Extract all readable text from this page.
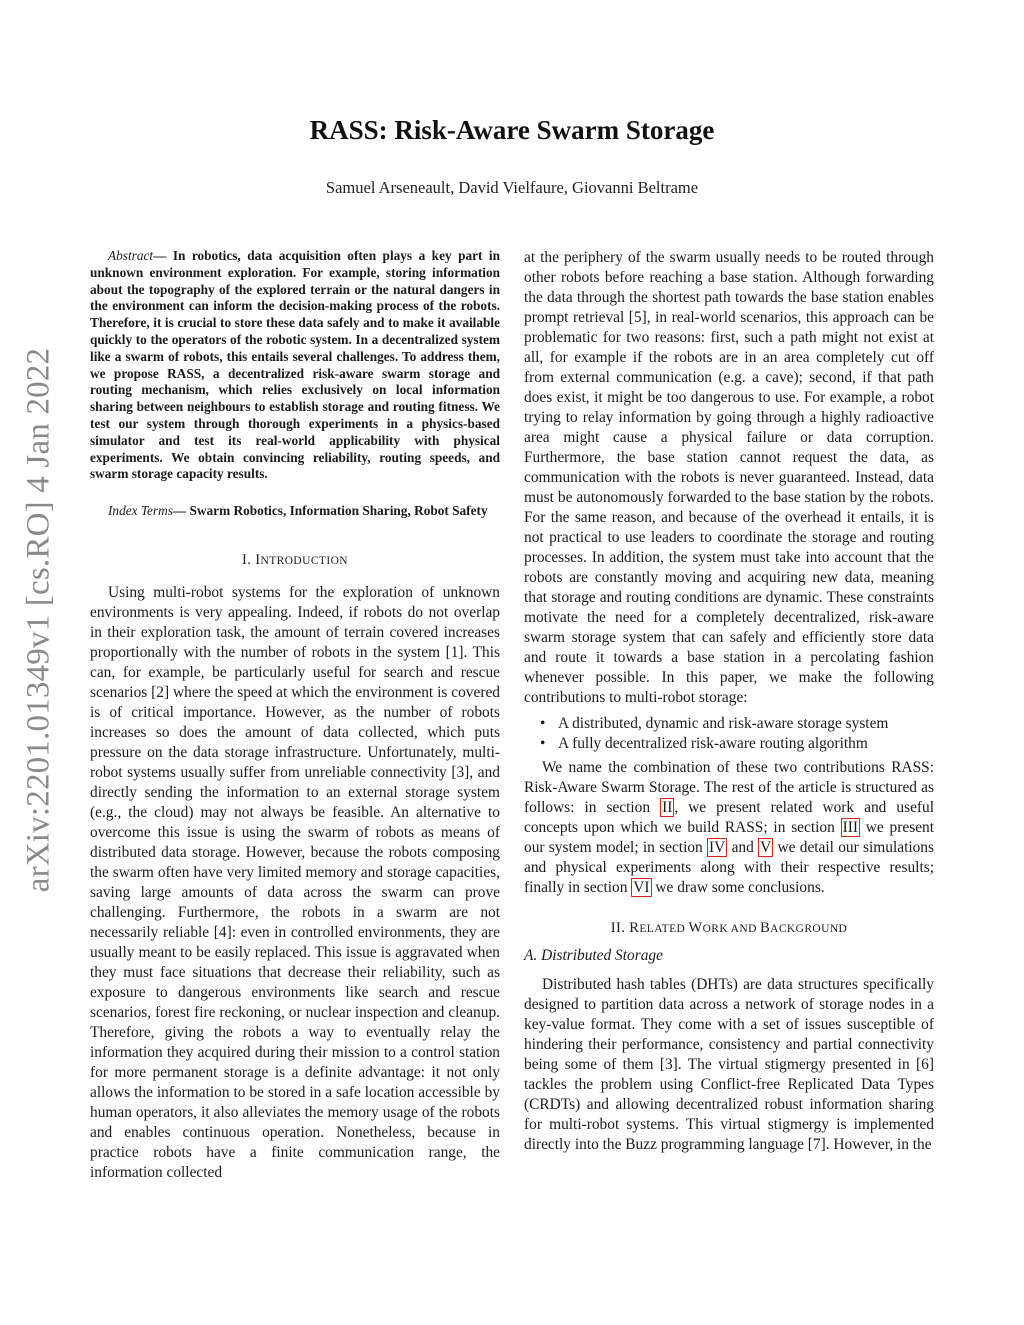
arXiv:2201.01349v1 [cs.RO] 4 Jan 2022
RASS: Risk-Aware Swarm Storage
Samuel Arseneault, David Vielfaure, Giovanni Beltrame

Abstract— In robotics, data acquisition often plays a key part in unknown environment exploration. For example, storing information about the topography of the explored terrain or the natural dangers in the environment can inform the decision-making process of the robots. Therefore, it is crucial to store these data safely and to make it available quickly to the operators of the robotic system. In a decentralized system like a swarm of robots, this entails several challenges. To address them, we propose RASS, a decentralized risk-aware swarm storage and routing mechanism, which relies exclusively on local information sharing between neighbours to establish storage and routing fitness. We test our system through thorough experiments in a physics-based simulator and test its real-world applicability with physical experiments. We obtain convincing reliability, routing speeds, and swarm storage capacity results.

Index Terms— Swarm Robotics, Information Sharing, Robot Safety

I. INTRODUCTION

Using multi-robot systems for the exploration of unknown environments is very appealing. Indeed, if robots do not overlap in their exploration task, the amount of terrain covered increases proportionally with the number of robots in the system [1]. This can, for example, be particularly useful for search and rescue scenarios [2] where the speed at which the environment is covered is of critical importance. However, as the number of robots increases so does the amount of data collected, which puts pressure on the data storage infrastructure. Unfortunately, multi-robot systems usually suffer from unreliable connectivity [3], and directly sending the information to an external storage system (e.g., the cloud) may not always be feasible. An alternative to overcome this issue is using the swarm of robots as means of distributed data storage. However, because the robots composing the swarm often have very limited memory and storage capacities, saving large amounts of data across the swarm can prove challenging. Furthermore, the robots in a swarm are not necessarily reliable [4]: even in controlled environments, they are usually meant to be easily replaced. This issue is aggravated when they must face situations that decrease their reliability, such as exposure to dangerous environments like search and rescue scenarios, forest fire reckoning, or nuclear inspection and cleanup. Therefore, giving the robots a way to eventually relay the information they acquired during their mission to a control station for more permanent storage is a definite advantage: it not only allows the information to be stored in a safe location accessible by human operators, it also alleviates the memory usage of the robots and enables continuous operation. Nonetheless, because in practice robots have a finite communication range, the information collected

at the periphery of the swarm usually needs to be routed through other robots before reaching a base station. Although forwarding the data through the shortest path towards the base station enables prompt retrieval [5], in real-world scenarios, this approach can be problematic for two reasons: first, such a path might not exist at all, for example if the robots are in an area completely cut off from external communication (e.g. a cave); second, if that path does exist, it might be too dangerous to use. For example, a robot trying to relay information by going through a highly radioactive area might cause a physical failure or data corruption. Furthermore, the base station cannot request the data, as communication with the robots is never guaranteed. Instead, data must be autonomously forwarded to the base station by the robots. For the same reason, and because of the overhead it entails, it is not practical to use leaders to coordinate the storage and routing processes. In addition, the system must take into account that the robots are constantly moving and acquiring new data, meaning that storage and routing conditions are dynamic. These constraints motivate the need for a completely decentralized, risk-aware swarm storage system that can safely and efficiently store data and route it towards a base station in a percolating fashion whenever possible. In this paper, we make the following contributions to multi-robot storage:

• A distributed, dynamic and risk-aware storage system
• A fully decentralized risk-aware routing algorithm

We name the combination of these two contributions RASS: Risk-Aware Swarm Storage. The rest of the article is structured as follows: in section II , we present related work and useful concepts upon which we build RASS; in section III we present our system model; in section IV and V we detail our simulations and physical experiments along with their respective results; finally in section VI we draw some conclusions.

II. RELATED WORK AND BACKGROUND
A. Distributed Storage

Distributed hash tables (DHTs) are data structures specifically designed to partition data across a network of storage nodes in a key-value format. They come with a set of issues susceptible of hindering their performance, consistency and partial connectivity being some of them [3]. The virtual stigmergy presented in [6] tackles the problem using Conflict-free Replicated Data Types (CRDTs) and allowing decentralized robust information sharing for multi-robot systems. This virtual stigmergy is implemented directly into the Buzz programming language [7]. However, in the
